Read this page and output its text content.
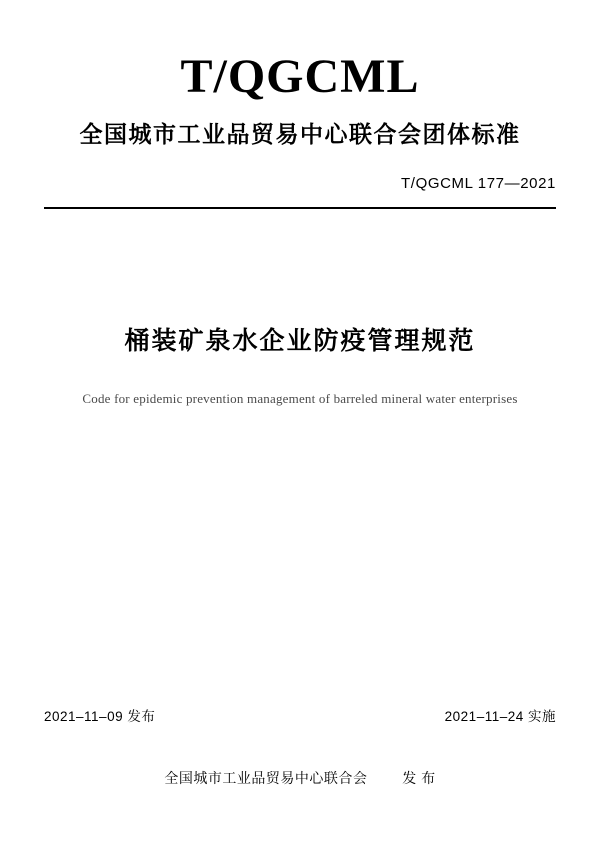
T/QGCML
全国城市工业品贸易中心联合会团体标准
T/QGCML 177—2021
桶装矿泉水企业防疫管理规范
Code for epidemic prevention management of barreled mineral water enterprises
2021‒11‒09 发布	2021‒11‒24 实施
全国城市工业品贸易中心联合会 发 布
